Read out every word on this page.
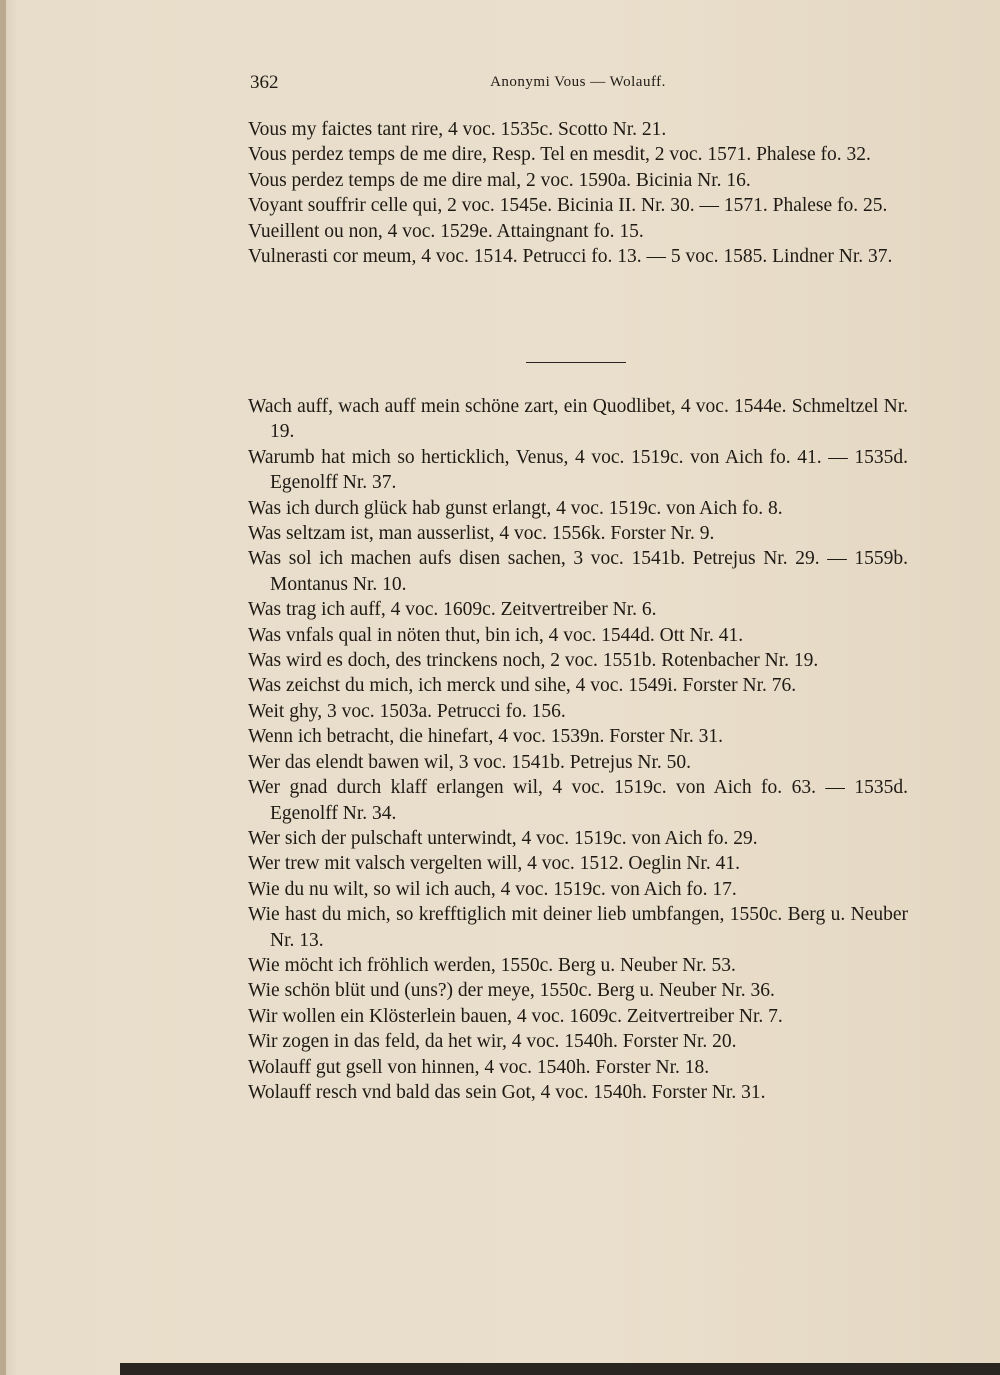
362	Anonymi Vous — Wolauff.
Vous my faictes tant rire, 4 voc. 1535c. Scotto Nr. 21.
Vous perdez temps de me dire, Resp. Tel en mesdit, 2 voc. 1571. Phalese fo. 32.
Vous perdez temps de me dire mal, 2 voc. 1590a. Bicinia Nr. 16.
Voyant souffrir celle qui, 2 voc. 1545e. Bicinia II. Nr. 30. — 1571. Phalese fo. 25.
Vueillent ou non, 4 voc. 1529e. Attaingnant fo. 15.
Vulnerasti cor meum, 4 voc. 1514. Petrucci fo. 13. — 5 voc. 1585. Lindner Nr. 37.
Wach auff, wach auff mein schöne zart, ein Quodlibet, 4 voc. 1544e. Schmeltzel Nr. 19.
Warumb hat mich so herticklich, Venus, 4 voc. 1519c. von Aich fo. 41. — 1535d. Egenolff Nr. 37.
Was ich durch glück hab gunst erlangt, 4 voc. 1519c. von Aich fo. 8.
Was seltzam ist, man ausserlist, 4 voc. 1556k. Forster Nr. 9.
Was sol ich machen aufs disen sachen, 3 voc. 1541b. Petrejus Nr. 29. — 1559b. Montanus Nr. 10.
Was trag ich auff, 4 voc. 1609c. Zeitvertreiber Nr. 6.
Was vnfals qual in nöten thut, bin ich, 4 voc. 1544d. Ott Nr. 41.
Was wird es doch, des trinckens noch, 2 voc. 1551b. Rotenbacher Nr. 19.
Was zeichst du mich, ich merck und sihe, 4 voc. 1549i. Forster Nr. 76.
Weit ghy, 3 voc. 1503a. Petrucci fo. 156.
Wenn ich betracht, die hinefart, 4 voc. 1539n. Forster Nr. 31.
Wer das elendt bawen wil, 3 voc. 1541b. Petrejus Nr. 50.
Wer gnad durch klaff erlangen wil, 4 voc. 1519c. von Aich fo. 63. — 1535d. Egenolff Nr. 34.
Wer sich der pulschaft unterwindt, 4 voc. 1519c. von Aich fo. 29.
Wer trew mit valsch vergelten will, 4 voc. 1512. Oeglin Nr. 41.
Wie du nu wilt, so wil ich auch, 4 voc. 1519c. von Aich fo. 17.
Wie hast du mich, so krefftiglich mit deiner lieb umbfangen, 1550c. Berg u. Neuber Nr. 13.
Wie möcht ich fröhlich werden, 1550c. Berg u. Neuber Nr. 53.
Wie schön blüt und (uns?) der meye, 1550c. Berg u. Neuber Nr. 36.
Wir wollen ein Klösterlein bauen, 4 voc. 1609c. Zeitvertreiber Nr. 7.
Wir zogen in das feld, da het wir, 4 voc. 1540h. Forster Nr. 20.
Wolauff gut gsell von hinnen, 4 voc. 1540h. Forster Nr. 18.
Wolauff resch vnd bald das sein Got, 4 voc. 1540h. Forster Nr. 31.
